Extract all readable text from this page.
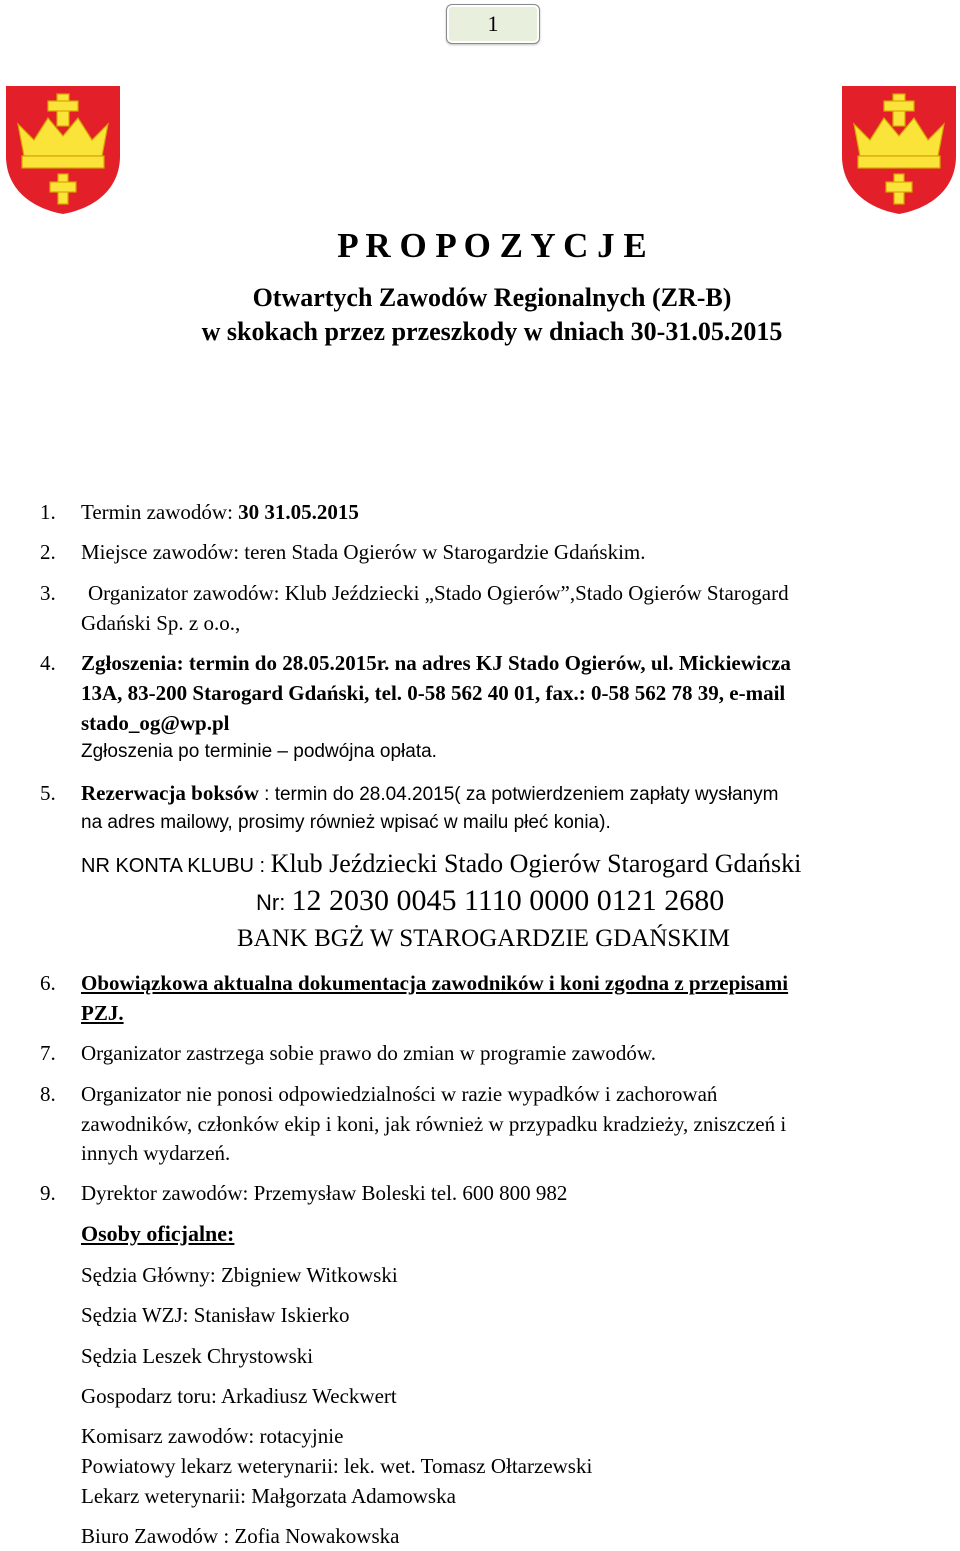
1
P R O P O Z Y C J E
Otwartych Zawodów Regionalnych (ZR-B)
w skokach przez przeszkody w dniach 30-31.05.2015
1. Termin zawodów: 30 31.05.2015
2. Miejsce zawodów: teren Stada Ogierów w Starogardzie Gdańskim.
3. Organizator zawodów: Klub Jeździecki „Stado Ogierów”,Stado Ogierów Starogard
Gdański Sp. z o.o.,
4. Zgłoszenia: termin do 28.05.2015r. na adres KJ Stado Ogierów, ul. Mickiewicza
13A, 83-200 Starogard Gdański, tel. 0-58 562 40 01, fax.: 0-58 562 78 39, e-mail
stado_og@wp.pl
Zgłoszenia po terminie – podwójna opłata.
5. Rezerwacja boksów : termin do 28.04.2015( za potwierdzeniem zapłaty wysłanym
na adres mailowy, prosimy również wpisać w mailu płeć konia).
NR KONTA KLUBU : Klub Jeździecki Stado Ogierów Starogard Gdański
Nr: 12 2030 0045 1110 0000 0121 2680
BANK BGŻ W STAROGARDZIE GDAŃSKIM
6. Obowiązkowa aktualna dokumentacja zawodników i koni zgodna z przepisami
PZJ.
7. Organizator zastrzega sobie prawo do zmian w programie zawodów.
8. Organizator nie ponosi odpowiedzialności w razie wypadków i zachorowań
zawodników, członków ekip i koni, jak również w przypadku kradzieży, zniszczeń i
innych wydarzeń.
9. Dyrektor zawodów: Przemysław Boleski tel. 600 800 982
Osoby oficjalne:
Sędzia Główny: Zbigniew Witkowski
Sędzia WZJ: Stanisław Iskierko
Sędzia Leszek Chrystowski
Gospodarz toru: Arkadiusz Weckwert
Komisarz zawodów: rotacyjnie
Powiatowy lekarz weterynarii: lek. wet. Tomasz Ołtarzewski
Lekarz weterynarii: Małgorzata Adamowska
Biuro Zawodów : Zofia Nowakowska
